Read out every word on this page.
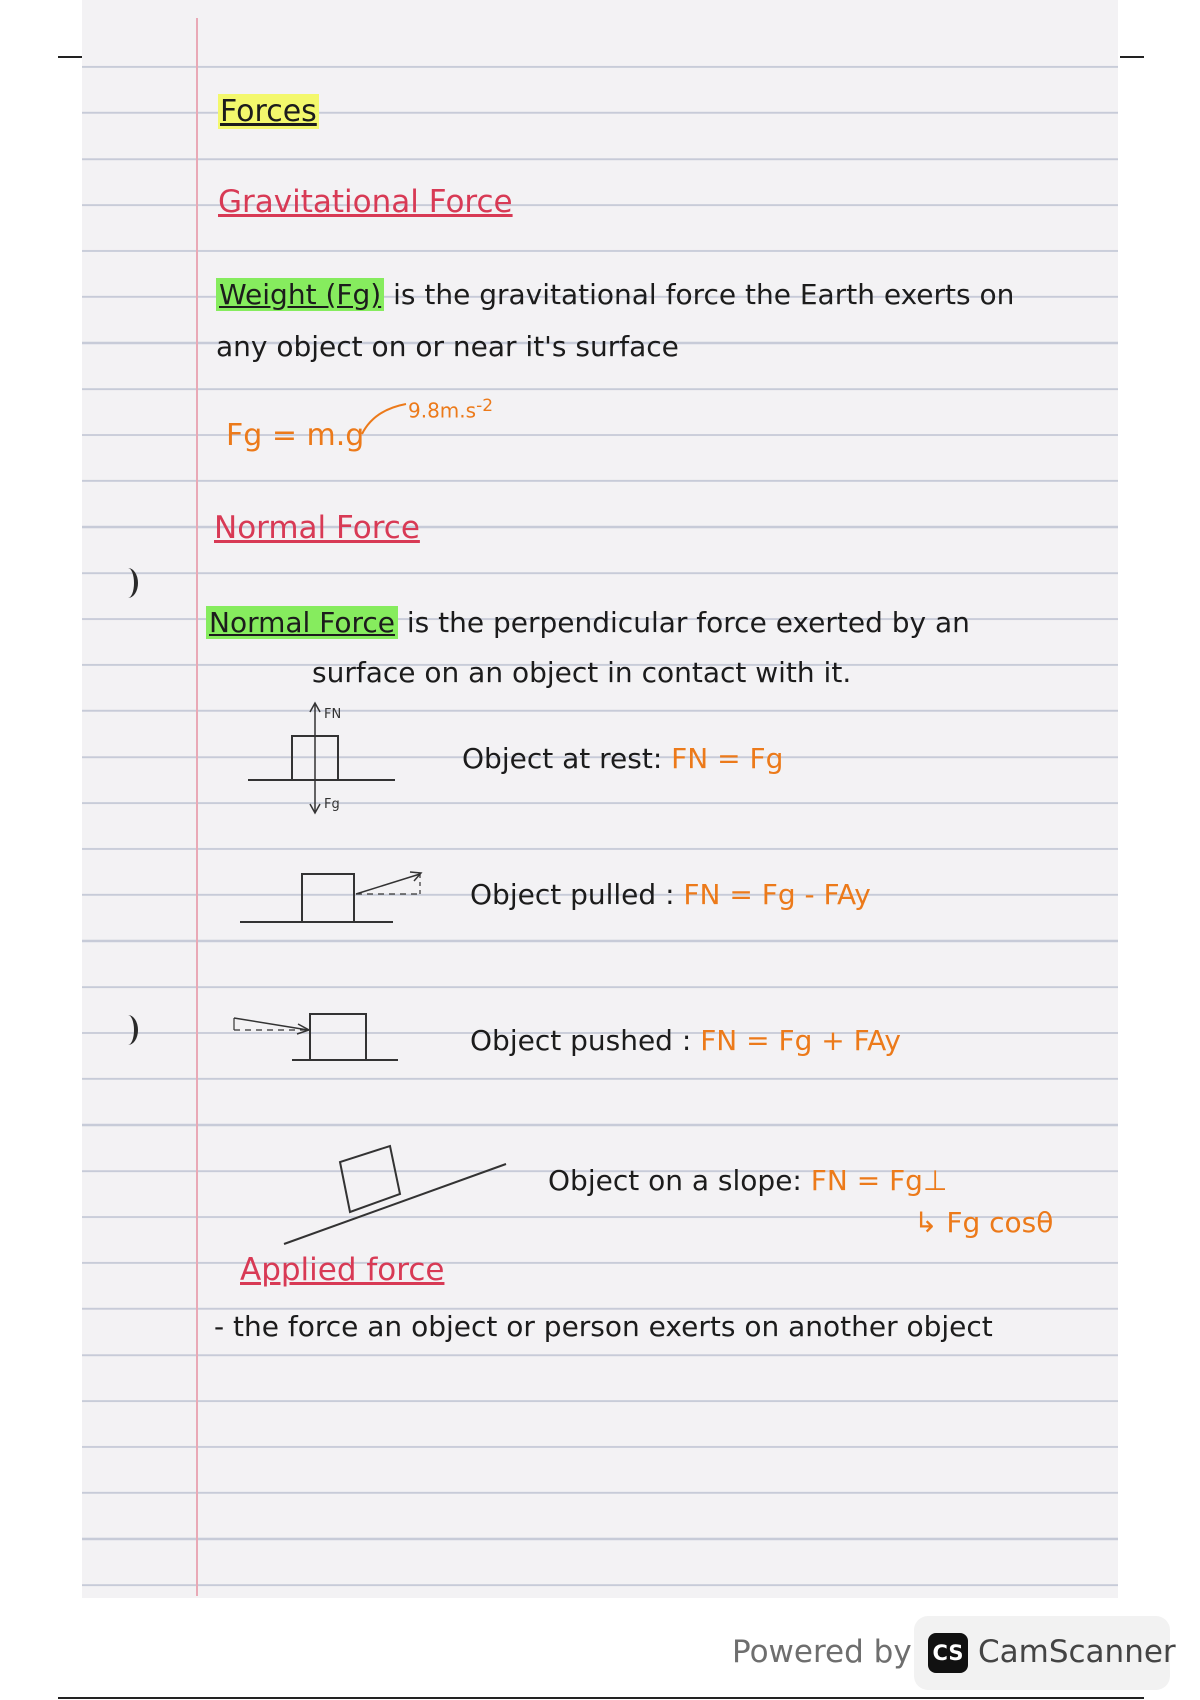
Forces
Gravitational Force
Weight (Fg) is the gravitational force the Earth exerts on
any object on or near it's surface
Fg = m.g
$9.8m.s^{-2}$
Normal Force
Normal Force is the perpendicular force exerted by an
surface on an object in contact with it.
FN
Fg
Object at rest: FN = Fg
Object pulled : FN = Fg - FAy
Object pushed : FN = Fg + FAy
Object on a slope: FN = Fg⊥
↳ Fg cosθ
Applied force
- the force an object or person exerts on another object
Powered by CS CamScanner
